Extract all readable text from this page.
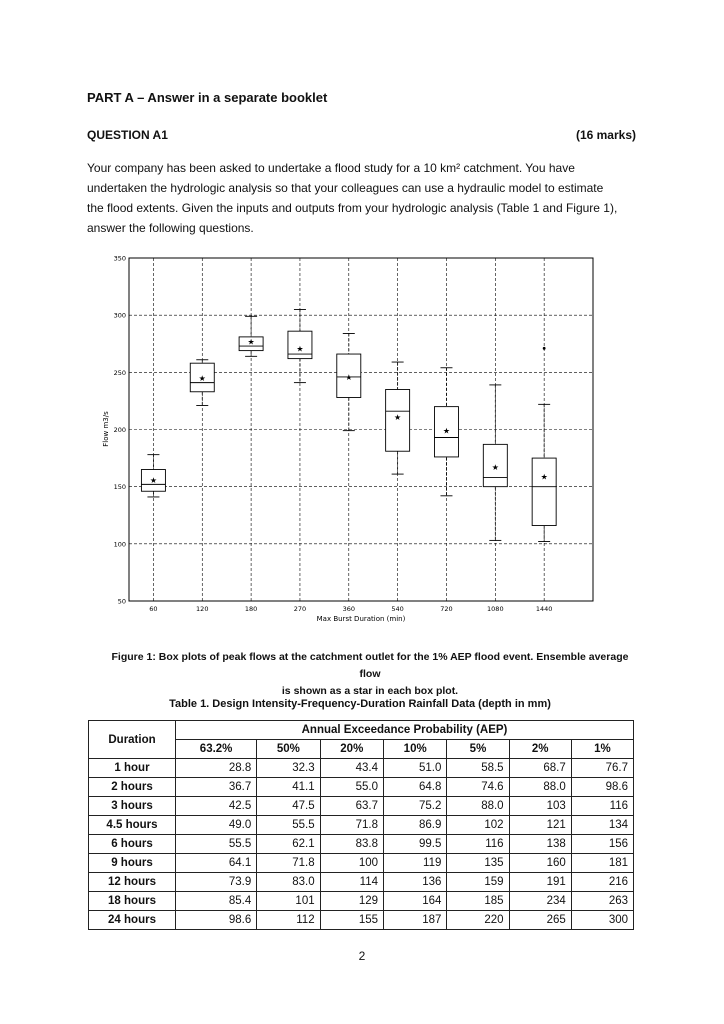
PART A – Answer in a separate booklet
QUESTION A1	(16 marks)

Your company has been asked to undertake a flood study for a 10 km² catchment. You have

undertaken the hydrologic analysis so that your colleagues can use a hydraulic model to estimate

the flood extents. Given the inputs and outputs from your hydrologic analysis (Table 1 and Figure 1),

answer the following questions.

★
★
★
★
★
★
★
★
★
50
100
150
200
250
300
350
60	120	180	270	360	540	720	1080	1440
Max Burst Duration (min)
Flow m3/s
Figure 1: Box plots of peak flows at the catchment outlet for the 1% AEP flood event. Ensemble average flow
is shown as a star in each box plot.
Table 1. Design Intensity-Frequency-Duration Rainfall Data (depth in mm)
Duration	Annual Exceedance Probability (AEP)						
	63.2%	50%	20%	10%	5%	2%	1%
1 hour	28.8	32.3	43.4	51.0	58.5	68.7	76.7
2 hours	36.7	41.1	55.0	64.8	74.6	88.0	98.6
3 hours	42.5	47.5	63.7	75.2	88.0	103	116
4.5 hours	49.0	55.5	71.8	86.9	102	121	134
6 hours	55.5	62.1	83.8	99.5	116	138	156
9 hours	64.1	71.8	100	119	135	160	181
12 hours	73.9	83.0	114	136	159	191	216
18 hours	85.4	101	129	164	185	234	263
24 hours	98.6	112	155	187	220	265	300
2
